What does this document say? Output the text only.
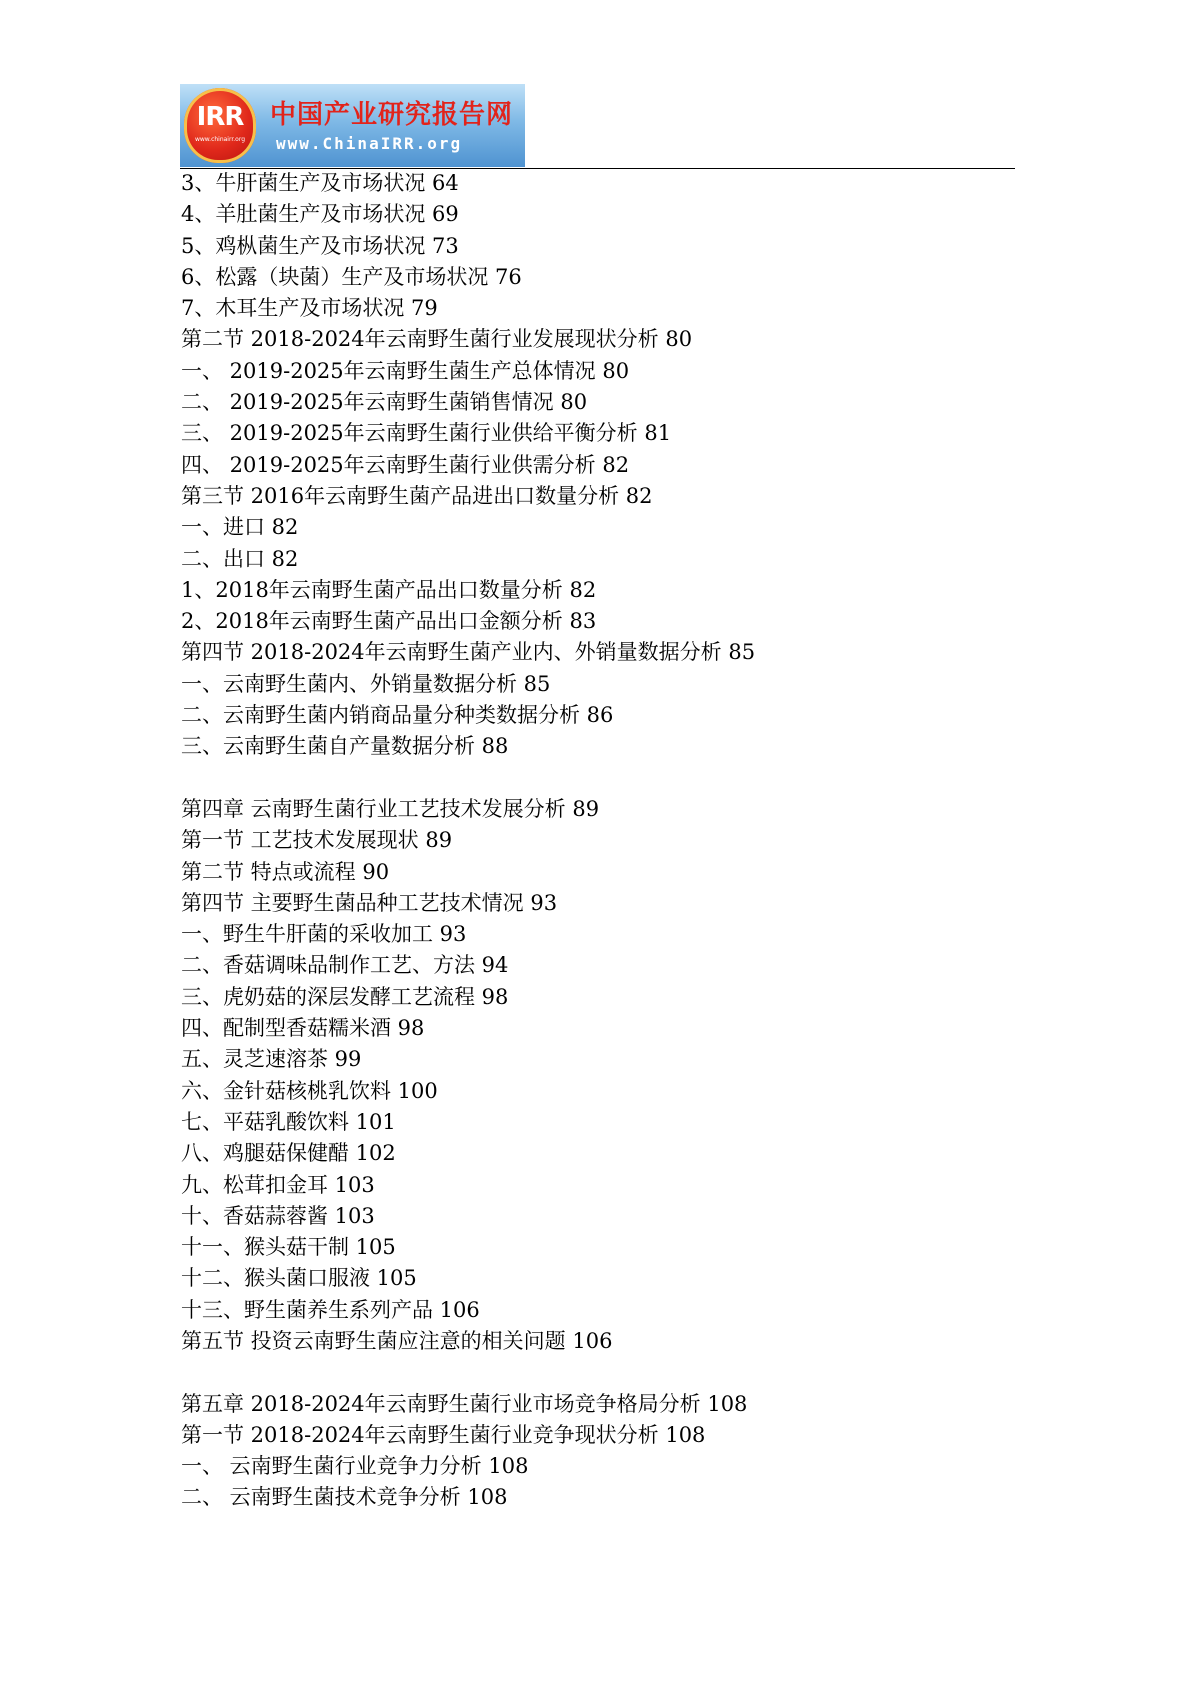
IRR
www.chinairr.org
中国产业研究报告网
www.ChinaIRR.org
3、牛肝菌生产及市场状况 64
4、羊肚菌生产及市场状况 69
5、鸡枞菌生产及市场状况 73
6、松露（块菌）生产及市场状况 76
7、木耳生产及市场状况 79
第二节 2018-2024年云南野生菌行业发展现状分析 80
一、 2019-2025年云南野生菌生产总体情况 80
二、 2019-2025年云南野生菌销售情况 80
三、 2019-2025年云南野生菌行业供给平衡分析 81
四、 2019-2025年云南野生菌行业供需分析 82
第三节 2016年云南野生菌产品进出口数量分析 82
一、进口 82
二、出口 82
1、2018年云南野生菌产品出口数量分析 82
2、2018年云南野生菌产品出口金额分析 83
第四节 2018-2024年云南野生菌产业内、外销量数据分析 85
一、云南野生菌内、外销量数据分析 85
二、云南野生菌内销商品量分种类数据分析 86
三、云南野生菌自产量数据分析 88
第四章 云南野生菌行业工艺技术发展分析 89
第一节 工艺技术发展现状 89
第二节 特点或流程 90
第四节 主要野生菌品种工艺技术情况 93
一、野生牛肝菌的采收加工 93
二、香菇调味品制作工艺、方法 94
三、虎奶菇的深层发酵工艺流程 98
四、配制型香菇糯米酒 98
五、灵芝速溶茶 99
六、金针菇核桃乳饮料 100
七、平菇乳酸饮料 101
八、鸡腿菇保健醋 102
九、松茸扣金耳 103
十、香菇蒜蓉酱 103
十一、猴头菇干制 105
十二、猴头菌口服液 105
十三、野生菌养生系列产品 106
第五节 投资云南野生菌应注意的相关问题 106
第五章 2018-2024年云南野生菌行业市场竞争格局分析 108
第一节 2018-2024年云南野生菌行业竞争现状分析 108
一、 云南野生菌行业竞争力分析 108
二、 云南野生菌技术竞争分析 108
